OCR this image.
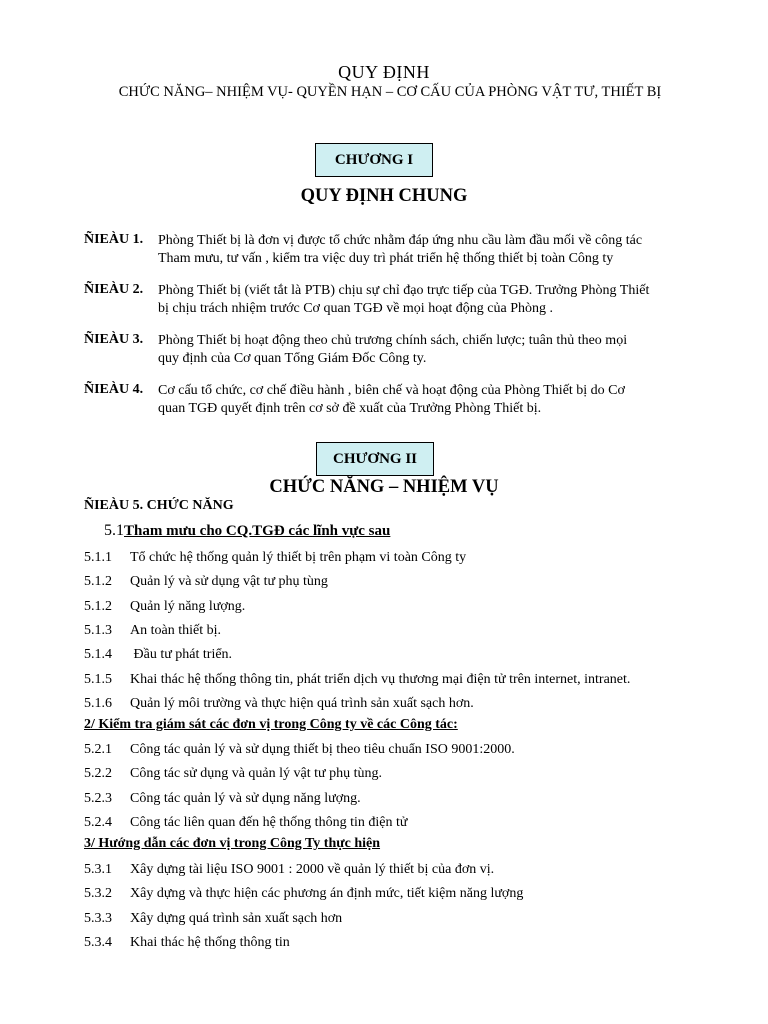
QUY ĐỊNH
CHỨC NĂNG– NHIỆM VỤ- QUYỀN HẠN – CƠ CẤU CỦA PHÒNG VẬT TƯ, THIẾT BỊ
CHƯƠNG I
QUY ĐỊNH CHUNG
ÑIEÀU 1. Phòng Thiết bị là đơn vị được tổ chức nhằm đáp ứng nhu cầu làm đầu mối về công tác
Tham mưu, tư vấn , kiểm tra việc duy trì phát triển hệ thống thiết bị toàn Công ty
ÑIEÀU 2. Phòng Thiết bị (viết tắt là PTB) chịu sự chỉ đạo trực tiếp của TGĐ. Trưởng Phòng Thiết
bị chịu trách nhiệm trước Cơ quan TGĐ về mọi hoạt động của Phòng .
ÑIEÀU 3. Phòng Thiết bị hoạt động theo chủ trương chính sách, chiến lược; tuân thủ theo mọi
quy định của Cơ quan Tổng Giám Đốc Công ty.
ÑIEÀU 4. Cơ cấu tổ chức, cơ chế điều hành , biên chế và hoạt động của Phòng Thiết bị do Cơ
quan TGĐ quyết định trên cơ sở đề xuất của Trưởng Phòng Thiết bị.
CHƯƠNG II
CHỨC NĂNG – NHIỆM VỤ
ÑIEÀU 5. CHỨC NĂNG
5.1Tham mưu cho CQ.TGĐ các lĩnh vực sau
5.1.1 Tổ chức hệ thống quản lý thiết bị trên phạm vi toàn Công ty
5.1.2 Quản lý và sử dụng vật tư phụ tùng
5.1.2 Quản lý năng lượng.
5.1.3 An toàn thiết bị.
5.1.4 Đầu tư phát triển.
5.1.5 Khai thác hệ thống thông tin, phát triển dịch vụ thương mại điện tử trên internet, intranet.
5.1.6 Quản lý môi trường và thực hiện quá trình sản xuất sạch hơn.
2/ Kiểm tra giám sát các đơn vị trong Công ty về các Công tác:
5.2.1 Công tác quản lý và sử dụng thiết bị theo tiêu chuẩn ISO 9001:2000.
5.2.2 Công tác sử dụng và quản lý vật tư phụ tùng.
5.2.3 Công tác quản lý và sử dụng năng lượng.
5.2.4 Công tác liên quan đến hệ thống thông tin điện tử
3/ Hướng dẫn các đơn vị trong Công Ty thực hiện
5.3.1 Xây dựng tài liệu ISO 9001 : 2000 về quản lý thiết bị của đơn vị.
5.3.2 Xây dựng và thực hiện các phương án định mức, tiết kiệm năng lượng
5.3.3 Xây dựng quá trình sản xuất sạch hơn
5.3.4 Khai thác hệ thống thông tin
